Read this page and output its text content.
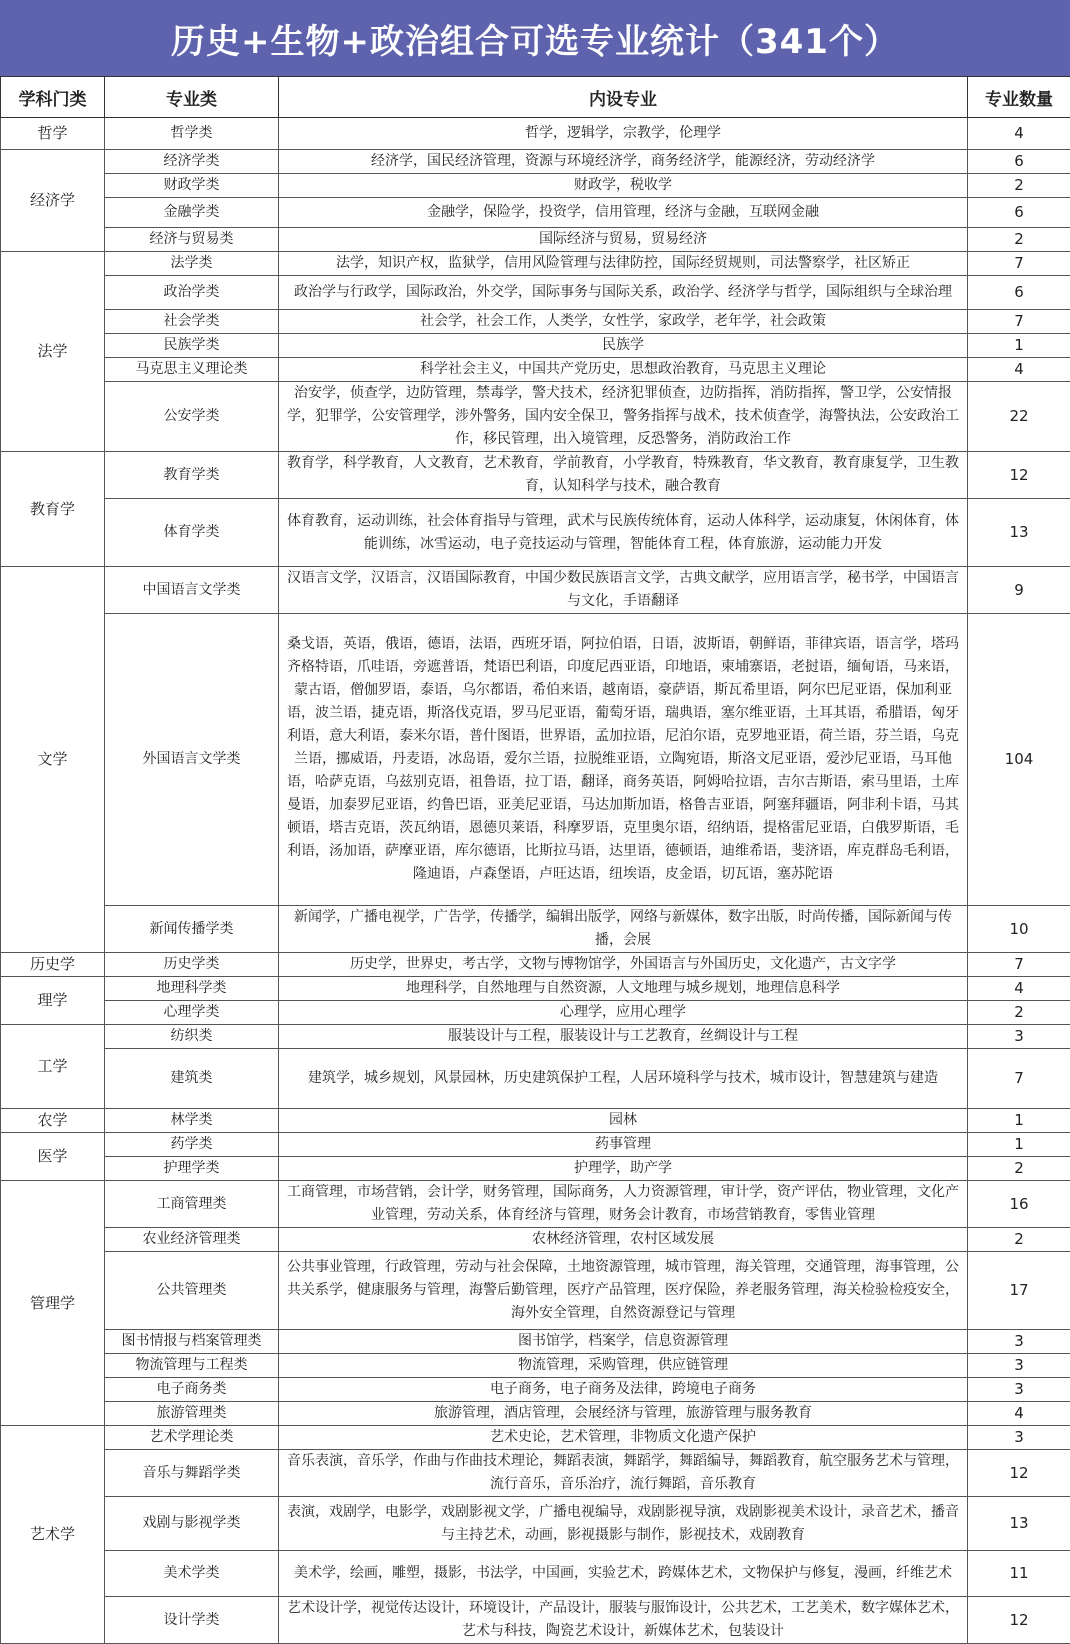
历史+生物+政治组合可选专业统计（341个）
学科门类	专业类	内设专业	专业数量
哲学	哲学类	哲学，逻辑学，宗教学，伦理学	4
经济学	经济学类	经济学，国民经济管理，资源与环境经济学，商务经济学，能源经济，劳动经济学	6
	财政学类	财政学，税收学	2
	金融学类	金融学，保险学，投资学，信用管理，经济与金融，互联网金融	6
	经济与贸易类	国际经济与贸易，贸易经济	2
法学	法学类	法学，知识产权，监狱学，信用风险管理与法律防控，国际经贸规则，司法警察学，社区矫正	7
	政治学类	政治学与行政学，国际政治，外交学，国际事务与国际关系，政治学、经济学与哲学，国际组织与全球治理	6
	社会学类	社会学，社会工作，人类学，女性学，家政学，老年学，社会政策	7
	民族学类	民族学	1
	马克思主义理论类	科学社会主义，中国共产党历史，思想政治教育，马克思主义理论	4
	公安学类	治安学，侦查学，边防管理，禁毒学，警犬技术，经济犯罪侦查，边防指挥，消防指挥，警卫学，公安情报学，犯罪学，公安管理学，涉外警务，国内安全保卫，警务指挥与战术，技术侦查学，海警执法，公安政治工作，移民管理，出入境管理，反恐警务，消防政治工作	22
教育学	教育学类	教育学，科学教育，人文教育，艺术教育，学前教育，小学教育，特殊教育，华文教育，教育康复学，卫生教育，认知科学与技术，融合教育	12
	体育学类	体育教育，运动训练，社会体育指导与管理，武术与民族传统体育，运动人体科学，运动康复，休闲体育，体能训练，冰雪运动，电子竞技运动与管理，智能体育工程，体育旅游，运动能力开发	13
文学	中国语言文学类	汉语言文学，汉语言，汉语国际教育，中国少数民族语言文学，古典文献学，应用语言学，秘书学，中国语言与文化，手语翻译	9
	外国语言文学类	桑戈语，英语，俄语，德语，法语，西班牙语，阿拉伯语，日语，波斯语，朝鲜语，菲律宾语，语言学，塔玛齐格特语，爪哇语，旁遮普语，梵语巴利语，印度尼西亚语，印地语，柬埔寨语，老挝语，缅甸语，马来语，蒙古语，僧伽罗语，泰语，乌尔都语，希伯来语，越南语，豪萨语，斯瓦希里语，阿尔巴尼亚语，保加利亚语，波兰语，捷克语，斯洛伐克语，罗马尼亚语，葡萄牙语，瑞典语，塞尔维亚语，土耳其语，希腊语，匈牙利语，意大利语，泰米尔语，普什图语，世界语，孟加拉语，尼泊尔语，克罗地亚语，荷兰语，芬兰语，乌克兰语，挪威语，丹麦语，冰岛语，爱尔兰语，拉脱维亚语，立陶宛语，斯洛文尼亚语，爱沙尼亚语，马耳他语，哈萨克语，乌兹别克语，祖鲁语，拉丁语，翻译，商务英语，阿姆哈拉语，吉尔吉斯语，索马里语，土库曼语，加泰罗尼亚语，约鲁巴语，亚美尼亚语，马达加斯加语，格鲁吉亚语，阿塞拜疆语，阿非利卡语，马其顿语，塔吉克语，茨瓦纳语，恩德贝莱语，科摩罗语，克里奥尔语，绍纳语，提格雷尼亚语，白俄罗斯语，毛利语，汤加语，萨摩亚语，库尔德语，比斯拉马语，达里语，德顿语，迪维希语，斐济语，库克群岛毛利语，隆迪语，卢森堡语，卢旺达语，纽埃语，皮金语，切瓦语，塞苏陀语	104
	新闻传播学类	新闻学，广播电视学，广告学，传播学，编辑出版学，网络与新媒体，数字出版，时尚传播，国际新闻与传播，会展	10
历史学	历史学类	历史学，世界史，考古学，文物与博物馆学，外国语言与外国历史，文化遗产，古文字学	7
理学	地理科学类	地理科学，自然地理与自然资源，人文地理与城乡规划，地理信息科学	4
	心理学类	心理学，应用心理学	2
工学	纺织类	服装设计与工程，服装设计与工艺教育，丝绸设计与工程	3
	建筑类	建筑学，城乡规划，风景园林，历史建筑保护工程，人居环境科学与技术，城市设计，智慧建筑与建造	7
农学	林学类	园林	1
医学	药学类	药事管理	1
	护理学类	护理学，助产学	2
管理学	工商管理类	工商管理，市场营销，会计学，财务管理，国际商务，人力资源管理，审计学，资产评估，物业管理，文化产业管理，劳动关系，体育经济与管理，财务会计教育，市场营销教育，零售业管理	16
	农业经济管理类	农林经济管理，农村区域发展	2
	公共管理类	公共事业管理，行政管理，劳动与社会保障，土地资源管理，城市管理，海关管理，交通管理，海事管理，公共关系学，健康服务与管理，海警后勤管理，医疗产品管理，医疗保险，养老服务管理，海关检验检疫安全，海外安全管理，自然资源登记与管理	17
	图书情报与档案管理类	图书馆学，档案学，信息资源管理	3
	物流管理与工程类	物流管理，采购管理，供应链管理	3
	电子商务类	电子商务，电子商务及法律，跨境电子商务	3
	旅游管理类	旅游管理，酒店管理，会展经济与管理，旅游管理与服务教育	4
艺术学	艺术学理论类	艺术史论，艺术管理，非物质文化遗产保护	3
	音乐与舞蹈学类	音乐表演，音乐学，作曲与作曲技术理论，舞蹈表演，舞蹈学，舞蹈编导，舞蹈教育，航空服务艺术与管理，流行音乐，音乐治疗，流行舞蹈，音乐教育	12
	戏剧与影视学类	表演，戏剧学，电影学，戏剧影视文学，广播电视编导，戏剧影视导演，戏剧影视美术设计，录音艺术，播音与主持艺术，动画，影视摄影与制作，影视技术，戏剧教育	13
	美术学类	美术学，绘画，雕塑，摄影，书法学，中国画，实验艺术，跨媒体艺术，文物保护与修复，漫画，纤维艺术	11
	设计学类	艺术设计学，视觉传达设计，环境设计，产品设计，服装与服饰设计，公共艺术，工艺美术，数字媒体艺术，艺术与科技，陶瓷艺术设计，新媒体艺术，包装设计	12
